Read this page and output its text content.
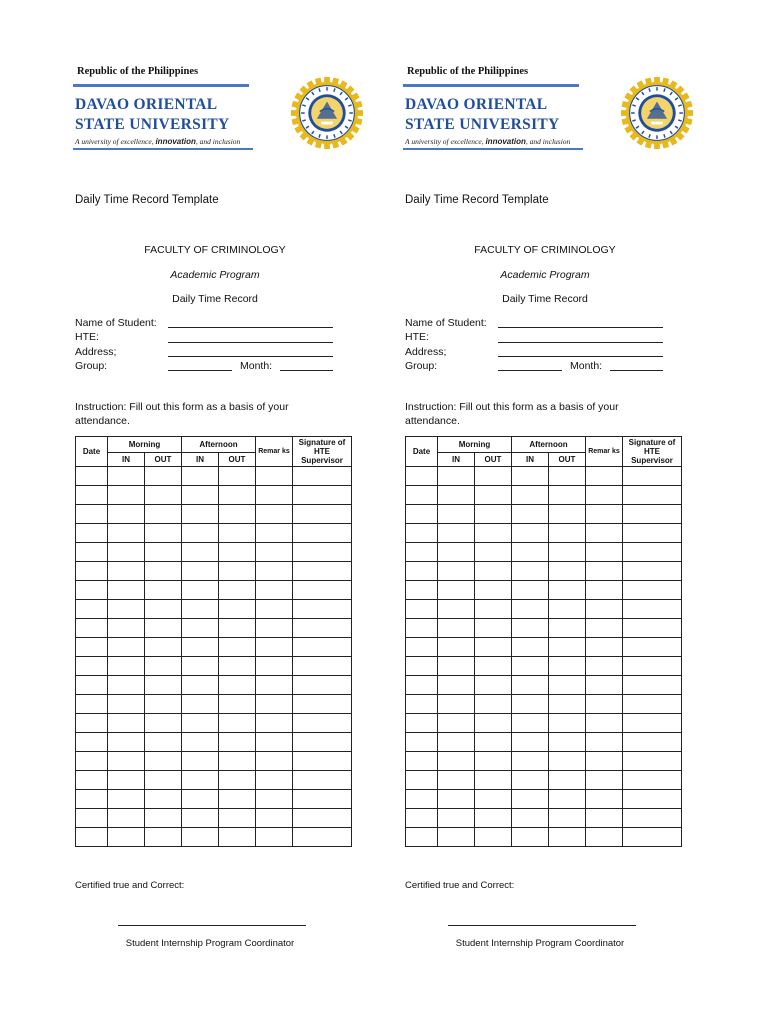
Republic of the Philippines
DAVAO ORIENTAL
STATE UNIVERSITY
A university of excellence, innovation, and inclusion
Daily Time Record Template
FACULTY OF CRIMINOLOGY
Academic Program
Daily Time Record
Name of Student:
HTE:
Address;
Group:	Month:
Instruction: Fill out this form as a basis of your attendance.
Date	Morning		Afternoon		Remar ks	Signature of HTE Supervisor
	IN	OUT	IN	OUT		

Certified true and Correct:
Student Internship Program Coordinator
Republic of the Philippines
DAVAO ORIENTAL
STATE UNIVERSITY
A university of excellence, innovation, and inclusion
Daily Time Record Template
FACULTY OF CRIMINOLOGY
Academic Program
Daily Time Record
Name of Student:
HTE:
Address;
Group:	Month:
Instruction: Fill out this form as a basis of your attendance.
Date	Morning		Afternoon		Remar ks	Signature of HTE Supervisor
	IN	OUT	IN	OUT		

Certified true and Correct:
Student Internship Program Coordinator
